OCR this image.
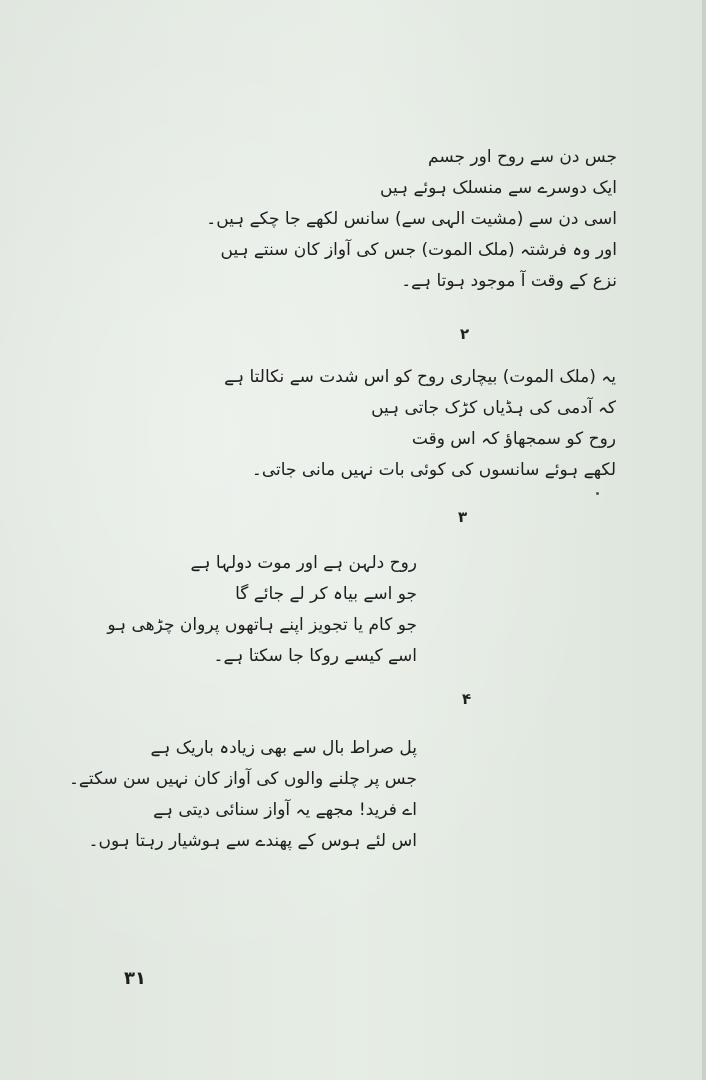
جس دن سے روح اور جسم
ایک دوسرے سے منسلک ہوئے ہیں
اسی دن سے (مشیت الہی سے) سانس لکھے جا چکے ہیں۔
اور وہ فرشتہ (ملک الموت) جس کی آواز کان سنتے ہیں
نزع کے وقت آ موجود ہوتا ہے۔
۲
یہ (ملک الموت) بیچاری روح کو اس شدت سے نکالتا ہے
کہ آدمی کی ہڈیاں کڑک جاتی ہیں
روح کو سمجھاؤ کہ اس وقت
لکھے ہوئے سانسوں کی کوئی بات نہیں مانی جاتی۔
۳
روح دلہن ہے اور موت دولہا ہے
جو اسے بیاہ کر لے جائے گا
جو کام یا تجویز اپنے ہاتھوں پروان چڑھی ہو
اسے کیسے روکا جا سکتا ہے۔
۴
پل صراط بال سے بھی زیادہ باریک ہے
جس پر چلنے والوں کی آواز کان نہیں سن سکتے۔
اے فرید! مجھے یہ آواز سنائی دیتی ہے
اس لئے ہوس کے پھندے سے ہوشیار رہتا ہوں۔
۳۱
